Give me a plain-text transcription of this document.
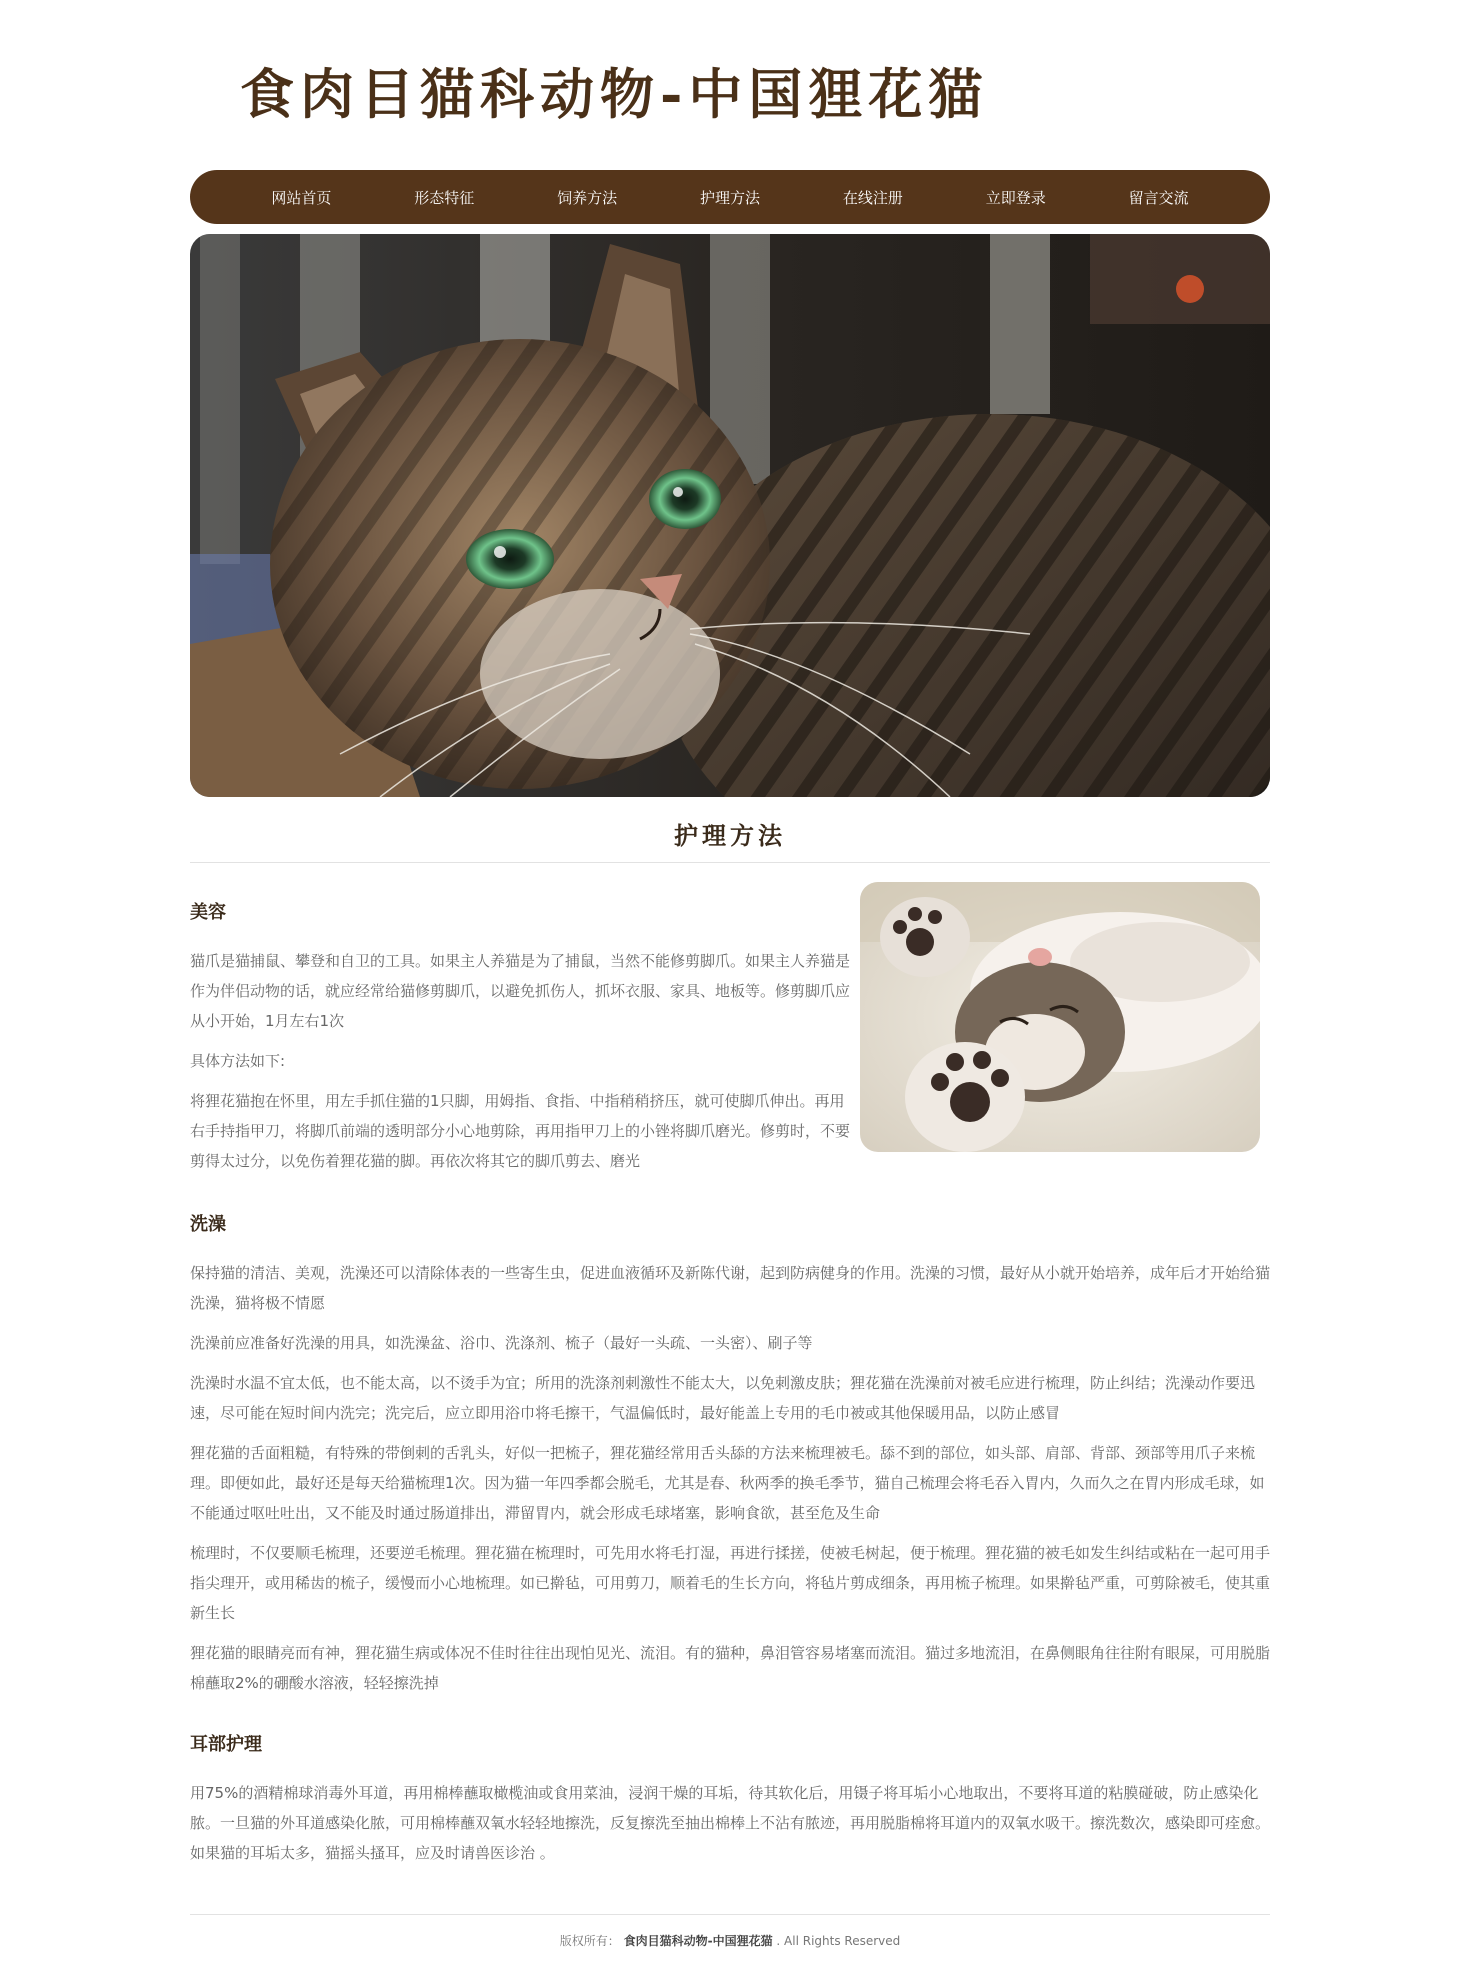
食肉目猫科动物-中国狸花猫
网站首页	形态特征	饲养方法	护理方法	在线注册	立即登录	留言交流
护理方法
美容

猫爪是猫捕鼠、攀登和自卫的工具。如果主人养猫是为了捕鼠，当然不能修剪脚爪。如果主人养猫是作为伴侣动物的话，就应经常给猫修剪脚爪，以避免抓伤人，抓坏衣服、家具、地板等。修剪脚爪应从小开始，1月左右1次

具体方法如下:

将狸花猫抱在怀里，用左手抓住猫的1只脚，用姆指、食指、中指稍稍挤压，就可使脚爪伸出。再用右手持指甲刀，将脚爪前端的透明部分小心地剪除，再用指甲刀上的小锉将脚爪磨光。修剪时，不要剪得太过分，以免伤着狸花猫的脚。再依次将其它的脚爪剪去、磨光

洗澡

保持猫的清洁、美观，洗澡还可以清除体表的一些寄生虫，促进血液循环及新陈代谢，起到防病健身的作用。洗澡的习惯，最好从小就开始培养，成年后才开始给猫洗澡，猫将极不情愿

洗澡前应准备好洗澡的用具，如洗澡盆、浴巾、洗涤剂、梳子（最好一头疏、一头密）、刷子等

洗澡时水温不宜太低，也不能太高，以不烫手为宜；所用的洗涤剂刺激性不能太大，以免刺激皮肤；狸花猫在洗澡前对被毛应进行梳理，防止纠结；洗澡动作要迅速，尽可能在短时间内洗完；洗完后，应立即用浴巾将毛擦干，气温偏低时，最好能盖上专用的毛巾被或其他保暖用品，以防止感冒

狸花猫的舌面粗糙，有特殊的带倒刺的舌乳头，好似一把梳子，狸花猫经常用舌头舔的方法来梳理被毛。舔不到的部位，如头部、肩部、背部、颈部等用爪子来梳理。即便如此，最好还是每天给猫梳理1次。因为猫一年四季都会脱毛，尤其是春、秋两季的换毛季节，猫自己梳理会将毛吞入胃内，久而久之在胃内形成毛球，如不能通过呕吐吐出，又不能及时通过肠道排出，滞留胃内，就会形成毛球堵塞，影响食欲，甚至危及生命

梳理时，不仅要顺毛梳理，还要逆毛梳理。狸花猫在梳理时，可先用水将毛打湿，再进行揉搓，使被毛树起，便于梳理。狸花猫的被毛如发生纠结或粘在一起可用手指尖理开，或用稀齿的梳子，缓慢而小心地梳理。如已擀毡，可用剪刀，顺着毛的生长方向，将毡片剪成细条，再用梳子梳理。如果擀毡严重，可剪除被毛，使其重新生长

狸花猫的眼睛亮而有神，狸花猫生病或体况不佳时往往出现怕见光、流泪。有的猫种，鼻泪管容易堵塞而流泪。猫过多地流泪，在鼻侧眼角往往附有眼屎，可用脱脂棉蘸取2%的硼酸水溶液，轻轻擦洗掉

耳部护理

用75%的酒精棉球消毒外耳道，再用棉棒蘸取橄榄油或食用菜油，浸润干燥的耳垢，待其软化后，用镊子将耳垢小心地取出，不要将耳道的粘膜碰破，防止感染化脓。一旦猫的外耳道感染化脓，可用棉棒蘸双氧水轻轻地擦洗，反复擦洗至抽出棉棒上不沾有脓迹，再用脱脂棉将耳道内的双氧水吸干。擦洗数次，感染即可痊愈。如果猫的耳垢太多，猫摇头搔耳，应及时请兽医诊治 。

版权所有： 食肉目猫科动物-中国狸花猫 . All Rights Reserved
